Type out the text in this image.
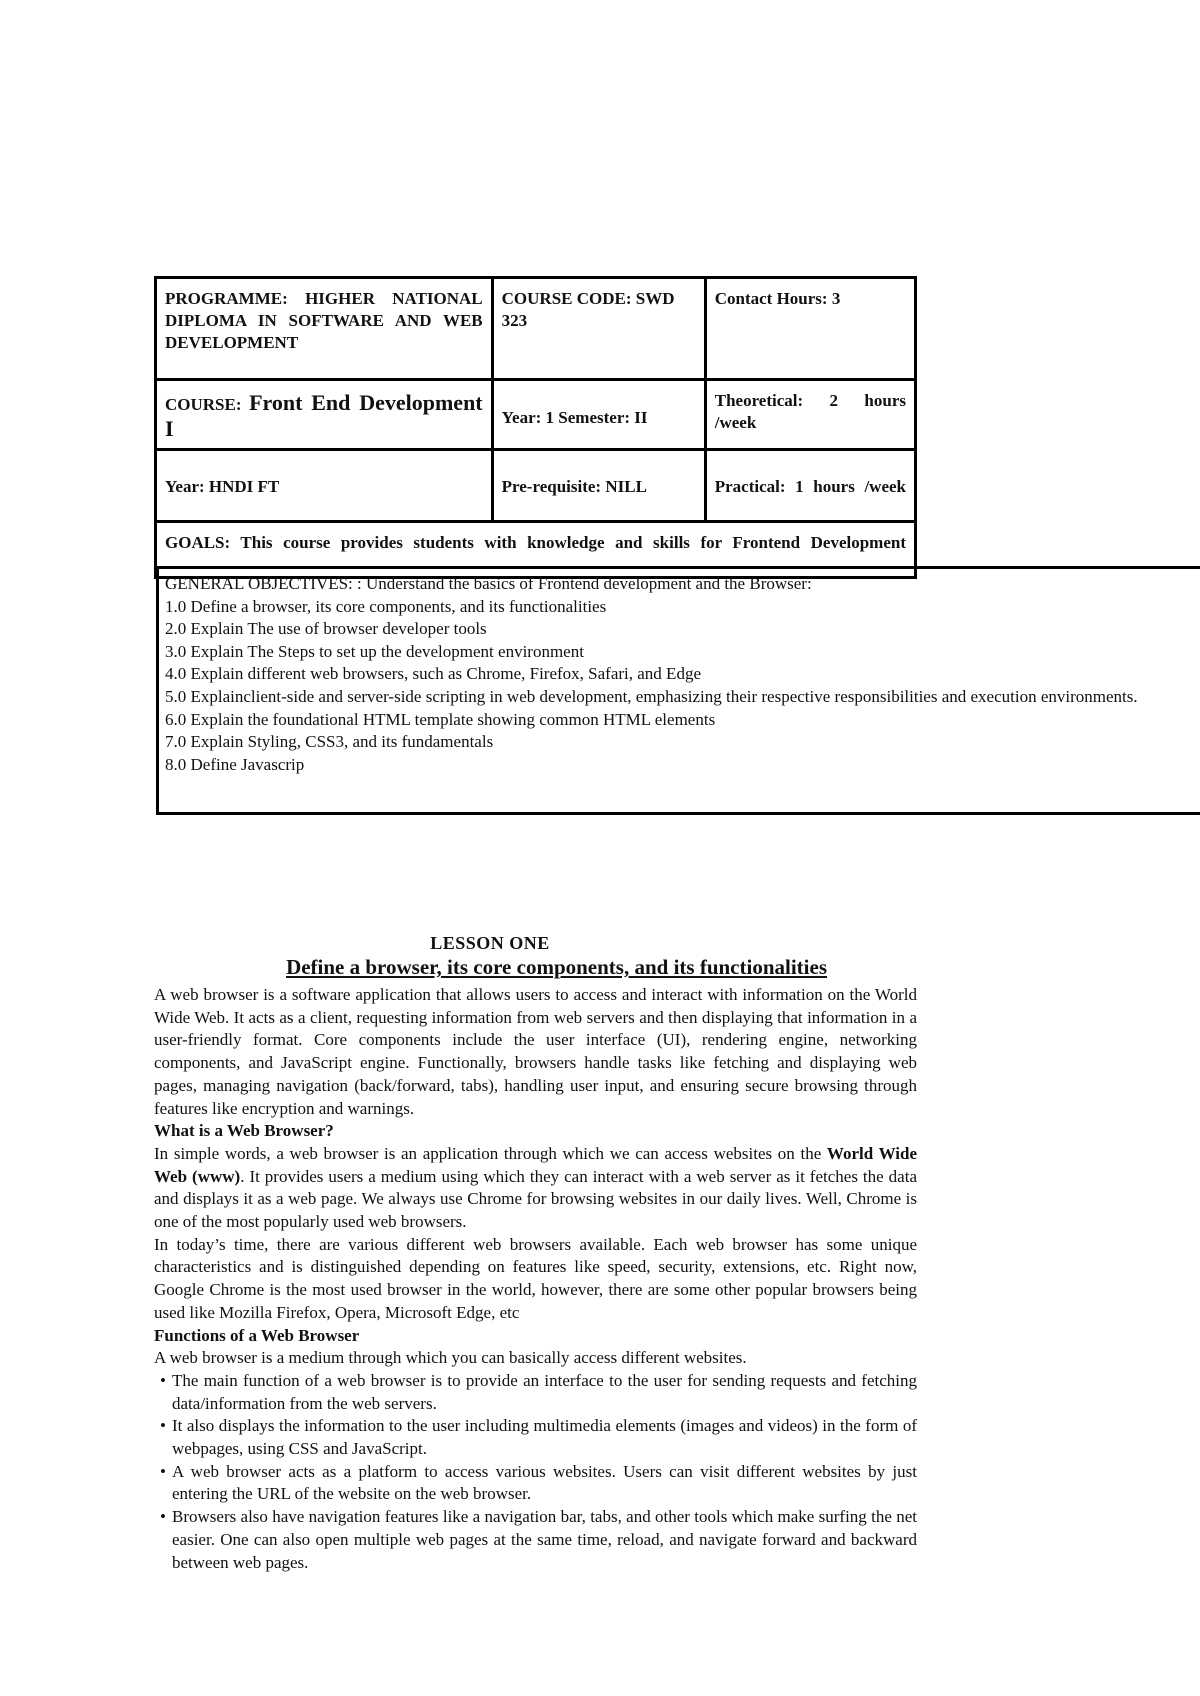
PROGRAMME: HIGHER NATIONAL DIPLOMA IN SOFTWARE AND WEB DEVELOPMENT	COURSE CODE: SWD 323	Contact Hours: 3

COURSE: Front End Development I	Year: 1 Semester: II	Theoretical: 2 hours /week

Year: HNDI FT	Pre-requisite: NILL	Practical: 1 hours /week

GOALS: This course provides students with knowledge and skills for Frontend Development		
GENERAL OBJECTIVES: : Understand the basics of Frontend development and the Browser:
1.0 Define a browser, its core components, and its functionalities
2.0 Explain The use of browser developer tools
3.0 Explain The Steps to set up the development environment
4.0 Explain different web browsers, such as Chrome, Firefox, Safari, and Edge
5.0 Explainclient-side and server-side scripting in web development, emphasizing their respective responsibilities and execution environments.
6.0 Explain the foundational HTML template showing common HTML elements
7.0 Explain Styling, CSS3, and its fundamentals
8.0 Define Javascrip
LESSON ONE
Define a browser, its core components, and its functionalities

A web browser is a software application that allows users to access and interact with information on the World Wide Web. It acts as a client, requesting information from web servers and then displaying that information in a user-friendly format. Core components include the user interface (UI), rendering engine, networking components, and JavaScript engine. Functionally, browsers handle tasks like fetching and displaying web pages, managing navigation (back/forward, tabs), handling user input, and ensuring secure browsing through features like encryption and warnings.

What is a Web Browser?

In simple words, a web browser is an application through which we can access websites on the World Wide Web (www). It provides users a medium using which they can interact with a web server as it fetches the data and displays it as a web page. We always use Chrome for browsing websites in our daily lives. Well, Chrome is one of the most popularly used web browsers.

In today’s time, there are various different web browsers available. Each web browser has some unique characteristics and is distinguished depending on features like speed, security, extensions, etc. Right now, Google Chrome is the most used browser in the world, however, there are some other popular browsers being used like Mozilla Firefox, Opera, Microsoft Edge, etc

Functions of a Web Browser

A web browser is a medium through which you can basically access different websites.

• The main function of a web browser is to provide an interface to the user for sending requests and fetching data/information from the web servers.
• It also displays the information to the user including multimedia elements (images and videos) in the form of webpages, using CSS and JavaScript.
• A web browser acts as a platform to access various websites. Users can visit different websites by just entering the URL of the website on the web browser.
• Browsers also have navigation features like a navigation bar, tabs, and other tools which make surfing the net easier. One can also open multiple web pages at the same time, reload, and navigate forward and backward between web pages.
